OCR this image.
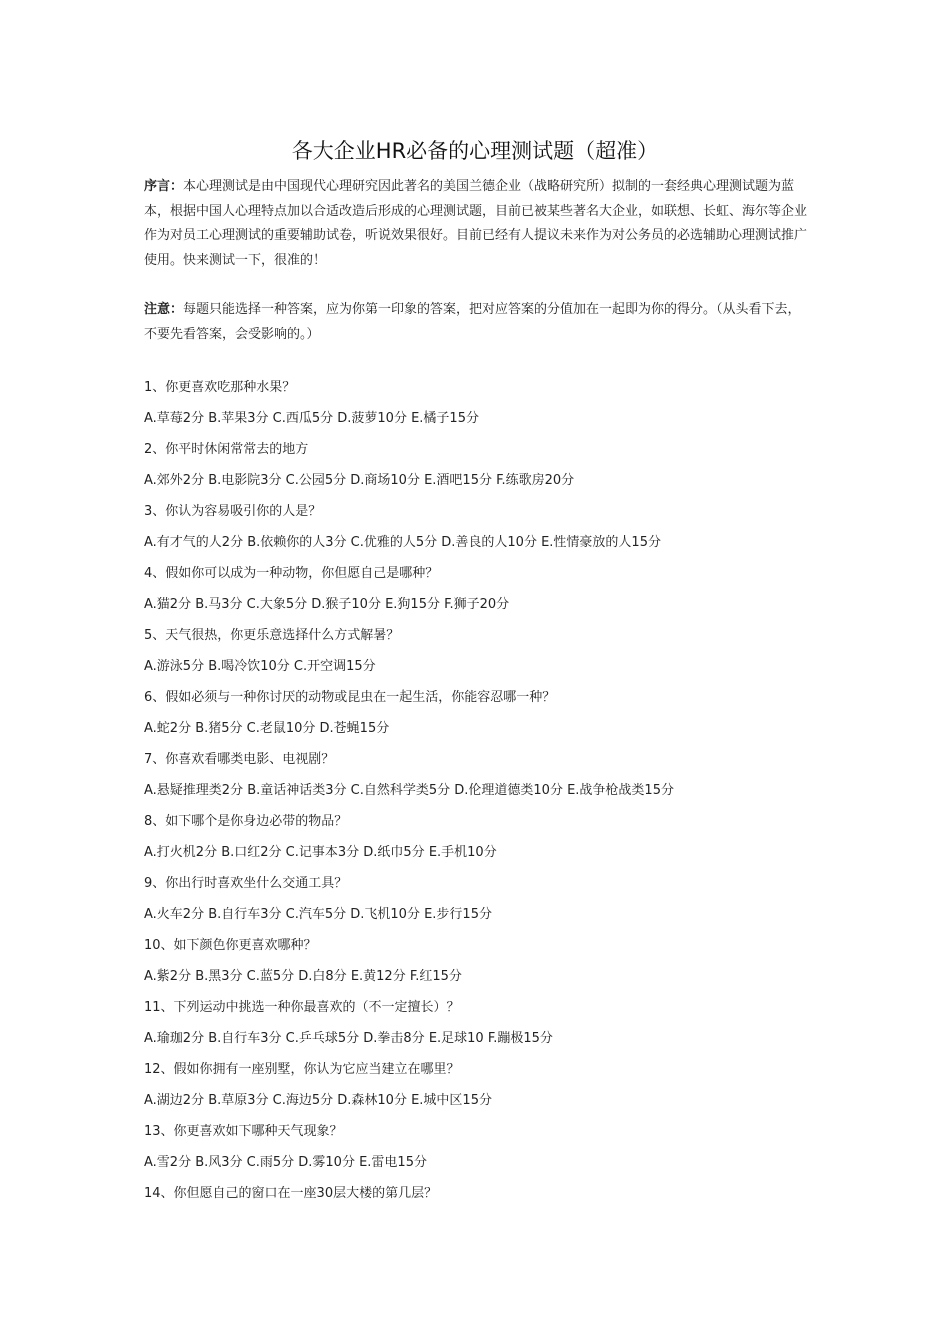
各大企业HR必备的心理测试题（超准）
序言：本心理测试是由中国现代心理研究因此著名的美国兰德企业（战略研究所）拟制的一套经典心理测试题为蓝本，根据中国人心理特点加以合适改造后形成的心理测试题，目前已被某些著名大企业，如联想、长虹、海尔等企业作为对员工心理测试的重要辅助试卷，听说效果很好。目前已经有人提议未来作为对公务员的必选辅助心理测试推广使用。快来测试一下，很准的！
注意：每题只能选择一种答案，应为你第一印象的答案，把对应答案的分值加在一起即为你的得分。（从头看下去，不要先看答案，会受影响的。）
1、你更喜欢吃那种水果？
A.草莓2分 B.苹果3分 C.西瓜5分 D.菠萝10分 E.橘子15分
2、你平时休闲常常去的地方
A.郊外2分 B.电影院3分 C.公园5分 D.商场10分 E.酒吧15分 F.练歌房20分
3、你认为容易吸引你的人是？
A.有才气的人2分 B.依赖你的人3分 C.优雅的人5分 D.善良的人10分 E.性情豪放的人15分
4、假如你可以成为一种动物，你但愿自己是哪种？
A.猫2分 B.马3分 C.大象5分 D.猴子10分 E.狗15分 F.狮子20分
5、天气很热，你更乐意选择什么方式解暑？
A.游泳5分 B.喝冷饮10分 C.开空调15分
6、假如必须与一种你讨厌的动物或昆虫在一起生活，你能容忍哪一种？
A.蛇2分 B.猪5分 C.老鼠10分 D.苍蝇15分
7、你喜欢看哪类电影、电视剧？
A.悬疑推理类2分 B.童话神话类3分 C.自然科学类5分 D.伦理道德类10分 E.战争枪战类15分
8、如下哪个是你身边必带的物品？
A.打火机2分 B.口红2分 C.记事本3分 D.纸巾5分 E.手机10分
9、你出行时喜欢坐什么交通工具？
A.火车2分 B.自行车3分 C.汽车5分 D.飞机10分 E.步行15分
10、如下颜色你更喜欢哪种？
A.紫2分 B.黑3分 C.蓝5分 D.白8分 E.黄12分 F.红15分
11、下列运动中挑选一种你最喜欢的（不一定擅长）？
A.瑜珈2分 B.自行车3分 C.乒乓球5分 D.拳击8分 E.足球10 F.蹦极15分
12、假如你拥有一座别墅，你认为它应当建立在哪里？
A.湖边2分 B.草原3分 C.海边5分 D.森林10分 E.城中区15分
13、你更喜欢如下哪种天气现象？
A.雪2分 B.风3分 C.雨5分 D.雾10分 E.雷电15分
14、你但愿自己的窗口在一座30层大楼的第几层？
